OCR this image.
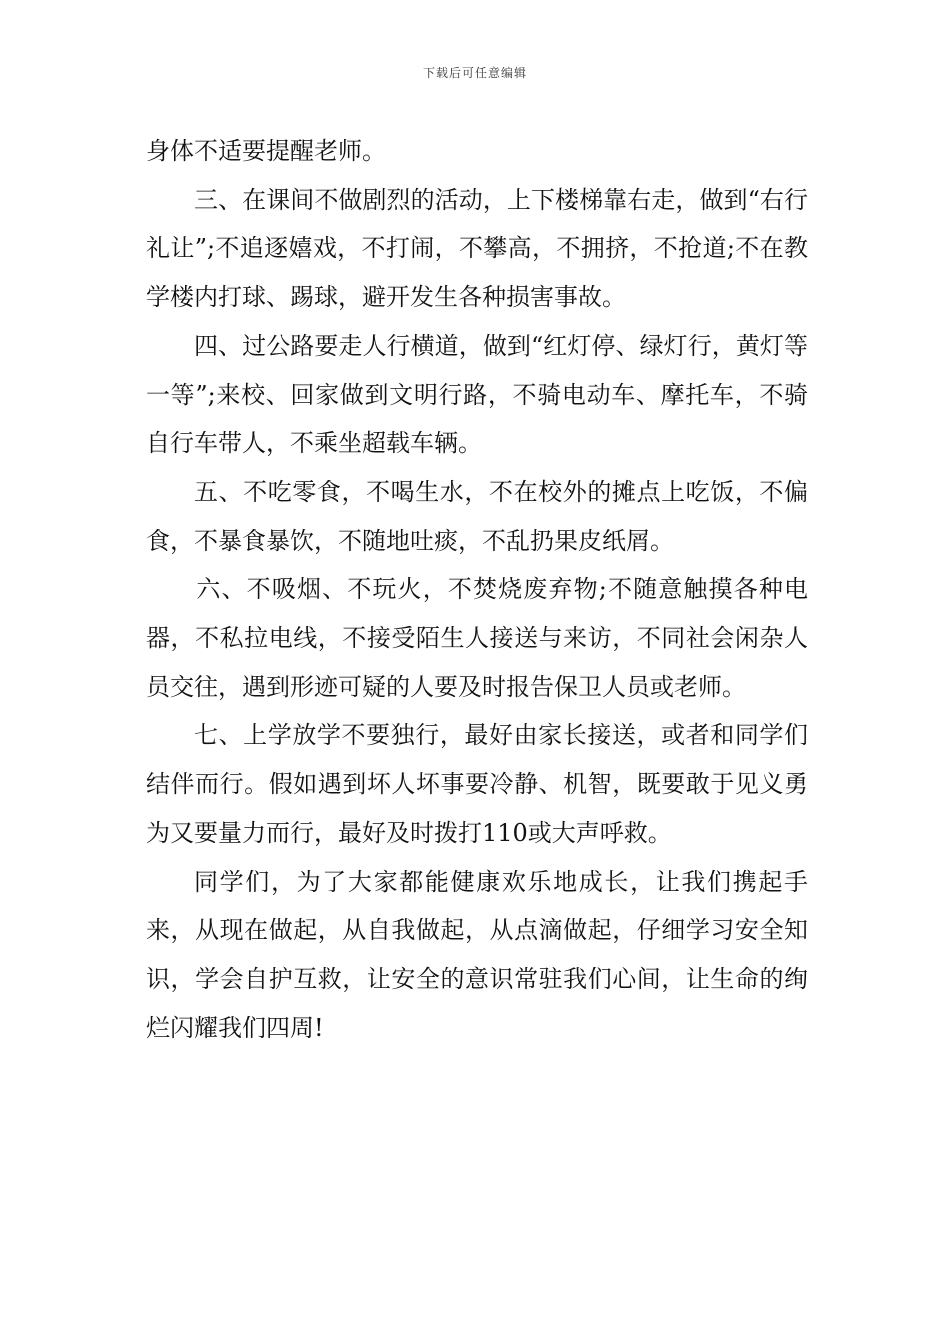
下载后可任意编辑

身体不适要提醒老师。

三、在课间不做剧烈的活动，上下楼梯靠右走，做到“右行礼让”;不追逐嬉戏，不打闹，不攀高，不拥挤，不抢道;不在教学楼内打球、踢球，避开发生各种损害事故。

四、过公路要走人行横道，做到“红灯停、绿灯行，黄灯等一等”;来校、回家做到文明行路，不骑电动车、摩托车，不骑自行车带人，不乘坐超载车辆。

五、不吃零食，不喝生水，不在校外的摊点上吃饭，不偏食，不暴食暴饮，不随地吐痰，不乱扔果皮纸屑。

六、不吸烟、不玩火，不焚烧废弃物;不随意触摸各种电器，不私拉电线，不接受陌生人接送与来访，不同社会闲杂人员交往，遇到形迹可疑的人要及时报告保卫人员或老师。

七、上学放学不要独行，最好由家长接送，或者和同学们结伴而行。假如遇到坏人坏事要冷静、机智，既要敢于见义勇为又要量力而行，最好及时拨打110或大声呼救。

同学们，为了大家都能健康欢乐地成长，让我们携起手来，从现在做起，从自我做起，从点滴做起，仔细学习安全知识，学会自护互救，让安全的意识常驻我们心间，让生命的绚烂闪耀我们四周!
